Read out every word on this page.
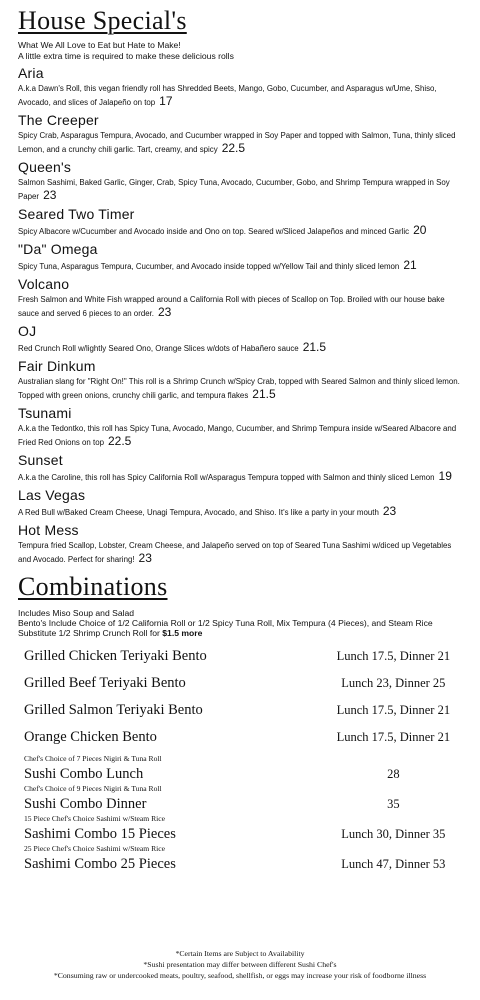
House Special's
What We All Love to Eat but Hate to Make!
A little extra time is required to make these delicious rolls
Aria

A.k.a Dawn's Roll, this vegan friendly roll has Shredded Beets, Mango, Gobo, Cucumber, and Asparagus w/Ume, Shiso, Avocado, and slices of Jalapeño on top 17

The Creeper

Spicy Crab, Asparagus Tempura, Avocado, and Cucumber wrapped in Soy Paper and topped with Salmon, Tuna, thinly sliced Lemon, and a crunchy chili garlic. Tart, creamy, and spicy 22.5

Queen's

Salmon Sashimi, Baked Garlic, Ginger, Crab, Spicy Tuna, Avocado, Cucumber, Gobo, and Shrimp Tempura wrapped in Soy Paper 23

Seared Two Timer

Spicy Albacore w/Cucumber and Avocado inside and Ono on top. Seared w/Sliced Jalapeños and minced Garlic 20

"Da" Omega

Spicy Tuna, Asparagus Tempura, Cucumber, and Avocado inside topped w/Yellow Tail and thinly sliced lemon 21

Volcano

Fresh Salmon and White Fish wrapped around a California Roll with pieces of Scallop on Top. Broiled with our house bake sauce and served 6 pieces to an order. 23

OJ

Red Crunch Roll w/lightly Seared Ono, Orange Slices w/dots of Habañero sauce 21.5

Fair Dinkum

Australian slang for "Right On!" This roll is a Shrimp Crunch w/Spicy Crab, topped with Seared Salmon and thinly sliced lemon. Topped with green onions, crunchy chili garlic, and tempura flakes 21.5

Tsunami

A.k.a the Tedontko, this roll has Spicy Tuna, Avocado, Mango, Cucumber, and Shrimp Tempura inside w/Seared Albacore and Fried Red Onions on top 22.5

Sunset

A.k.a the Caroline, this roll has Spicy California Roll w/Asparagus Tempura topped with Salmon and thinly sliced Lemon 19

Las Vegas

A Red Bull w/Baked Cream Cheese, Unagi Tempura, Avocado, and Shiso. It's like a party in your mouth 23

Hot Mess

Tempura fried Scallop, Lobster, Cream Cheese, and Jalapeño served on top of Seared Tuna Sashimi w/diced up Vegetables and Avocado. Perfect for sharing! 23

Combinations
Includes Miso Soup and Salad
Bento's Include Choice of 1/2 California Roll or 1/2 Spicy Tuna Roll, Mix Tempura (4 Pieces), and Steam Rice
Substitute 1/2 Shrimp Crunch Roll for $1.5 more
Grilled Chicken Teriyaki Bento	Lunch 17.5, Dinner 21

Grilled Beef Teriyaki Bento	Lunch 23, Dinner 25

Grilled Salmon Teriyaki Bento	Lunch 17.5, Dinner 21

Orange Chicken Bento	Lunch 17.5, Dinner 21

Chef's Choice of 7 Pieces Nigiri & Tuna Roll
Sushi Combo Lunch	28

Chef's Choice of 9 Pieces Nigiri & Tuna Roll
Sushi Combo Dinner	35

15 Piece Chef's Choice Sashimi w/Steam Rice
Sashimi Combo 15 Pieces	Lunch 30, Dinner 35

25 Piece Chef's Choice Sashimi w/Steam Rice
Sashimi Combo 25 Pieces	Lunch 47, Dinner 53
*Certain Items are Subject to Availability
*Sushi presentation may differ between different Sushi Chef's
*Consuming raw or undercooked meats, poultry, seafood, shellfish, or eggs may increase your risk of foodborne illness
